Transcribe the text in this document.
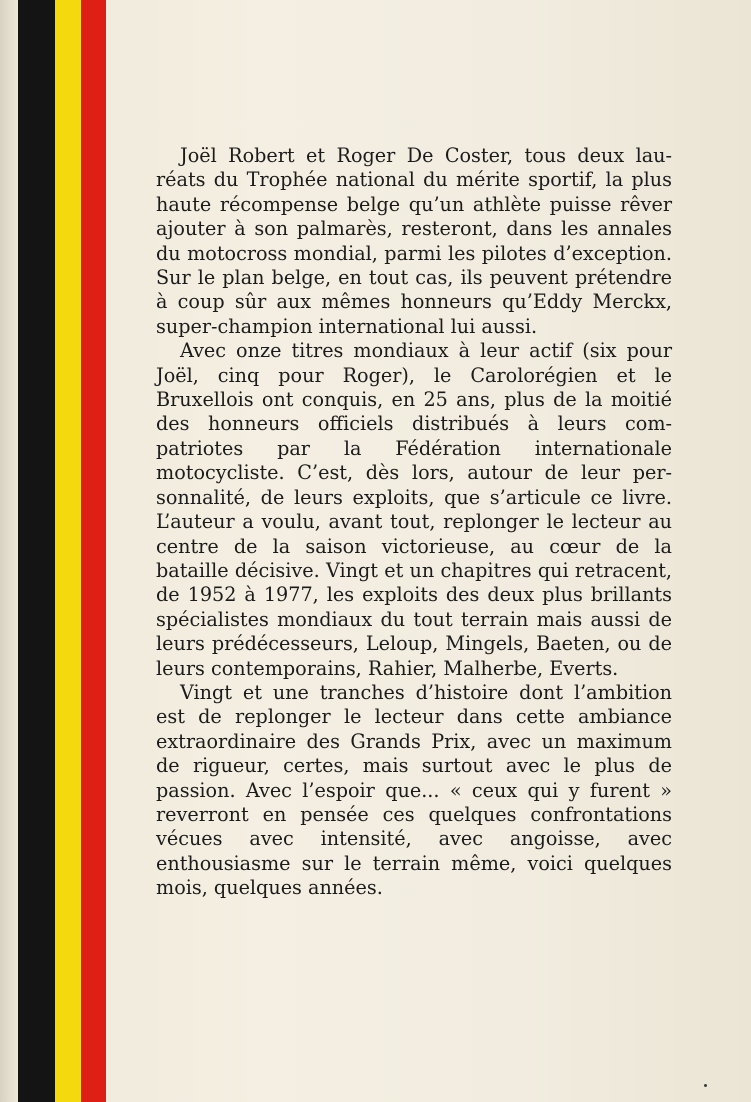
Joël Robert et Roger De Coster, tous deux lauréats du Trophée national du mérite sportif, la plus haute récompense belge qu’un athlète puisse rêver ajouter à son palmarès, resteront, dans les annales du motocross mondial, parmi les pilotes d’exception. Sur le plan belge, en tout cas, ils peuvent prétendre à coup sûr aux mêmes honneurs qu’Eddy Merckx, super-champion international lui aussi.

Avec onze titres mondiaux à leur actif (six pour Joël, cinq pour Roger), le Carolorégien et le Bruxellois ont conquis, en 25 ans, plus de la moitié des honneurs officiels distribués à leurs compatriotes par la Fédération internationale motocycliste. C’est, dès lors, autour de leur personnalité, de leurs exploits, que s’articule ce livre. L’auteur a voulu, avant tout, replonger le lecteur au centre de la saison victorieuse, au cœur de la bataille décisive. Vingt et un chapitres qui retracent, de 1952 à 1977, les exploits des deux plus brillants spécialistes mondiaux du tout terrain mais aussi de leurs prédécesseurs, Leloup, Mingels, Baeten, ou de leurs contemporains, Rahier, Malherbe, Everts.

Vingt et une tranches d’histoire dont l’ambition est de replonger le lecteur dans cette ambiance extraordinaire des Grands Prix, avec un maximum de rigueur, certes, mais surtout avec le plus de passion. Avec l’espoir que... « ceux qui y furent » reverront en pensée ces quelques confrontations vécues avec intensité, avec angoisse, avec enthousiasme sur le terrain même, voici quelques mois, quelques années.
